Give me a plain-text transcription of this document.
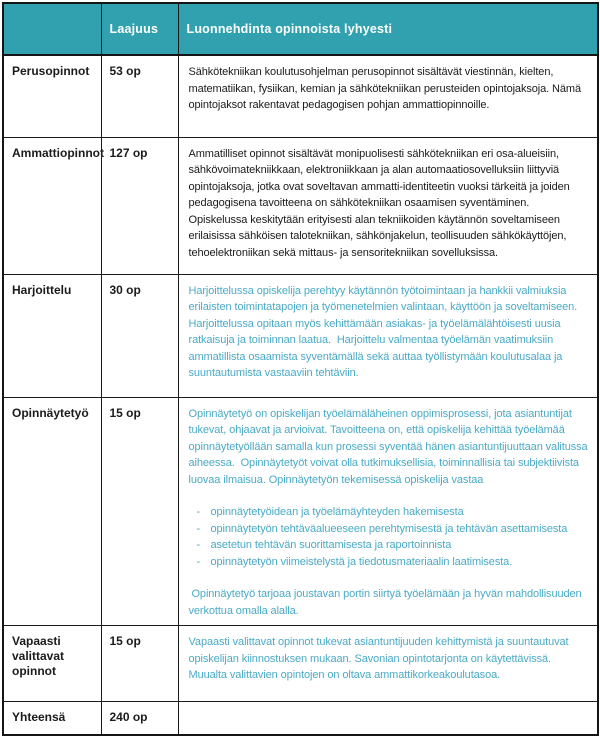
	Laajuus	Luonnehdinta opinnoista lyhyesti
Perusopinnot	53 op	Sähkötekniikan koulutusohjelman perusopinnot sisältävät viestinnän, kielten, matematiikan, fysiikan, kemian ja sähkötekniikan perusteiden opintojaksoja. Nämä opintojaksot rakentavat pedagogisen pohjan ammattiopinnoille.

Ammattiopinnot	127 op	Ammatilliset opinnot sisältävät monipuolisesti sähkötekniikan eri osa-alueisiin, sähkövoimatekniikkaan, elektroniikkaan ja alan automaatiosovelluksiin liittyviä opintojaksoja, jotka ovat soveltavan ammatti-identiteetin vuoksi tärkeitä ja joiden pedagogisena tavoitteena on sähkötekniikan osaamisen syventäminen. Opiskelussa keskitytään erityisesti alan tekniikoiden käytännön soveltamiseen erilaisissa sähköisen talotekniikan, sähkönjakelun, teollisuuden sähkökäyttöjen, tehoelektroniikan sekä mittaus- ja sensoritekniikan sovelluksissa.

Harjoittelu	30 op	Harjoittelussa opiskelija perehtyy käytännön työtoimintaan ja hankkii valmiuksia erilaisten toimintatapojen ja työmenetelmien valintaan, käyttöön ja soveltamiseen. Harjoittelussa opitaan myös kehittämään asiakas- ja työelämälähtöisesti uusia ratkaisuja ja toiminnan laatua.  Harjoittelu valmentaa työelämän vaatimuksiin ammatillista osaamista syventämällä sekä auttaa työllistymään koulutusalaa ja suuntautumista vastaaviin tehtäviin.

Opinnäytetyö	15 op	Opinnäytetyö on opiskelijan työelämäläheinen oppimisprosessi, jota asiantuntijat tukevat, ohjaavat ja arvioivat. Tavoitteena on, että opiskelija kehittää työelämää opinnäytetyöllään samalla kun prosessi syventää hänen asiantuntijuuttaan valitussa aiheessa.  Opinnäytetyöt voivat olla tutkimuksellisia, toiminnallisia tai subjektiivista luovaa ilmaisua. Opinnäytetyön tekemisessä opiskelija vastaa
- opinnäytetyöidean ja työelämäyhteyden hakemisesta
- opinnäytetyön tehtäväalueeseen perehtymisestä ja tehtävän asettamisesta
- asetetun tehtävän suorittamisesta ja raportoinnista
- opinnäytetyön viimeistelystä ja tiedotusmateriaalin laatimisesta.
Opinnäytetyö tarjoaa joustavan portin siirtyä työelämään ja hyvän mahdollisuuden verkottua omalla alalla.

Vapaasti valittavat opinnot	15 op	Vapaasti valittavat opinnot tukevat asiantuntijuuden kehittymistä ja suuntautuvat opiskelijan kiinnostuksen mukaan. Savonian opintotarjonta on käytettävissä. Muualta valittavien opintojen on oltava ammattikorkeakoulutasoa.

Yhteensä	240 op	
